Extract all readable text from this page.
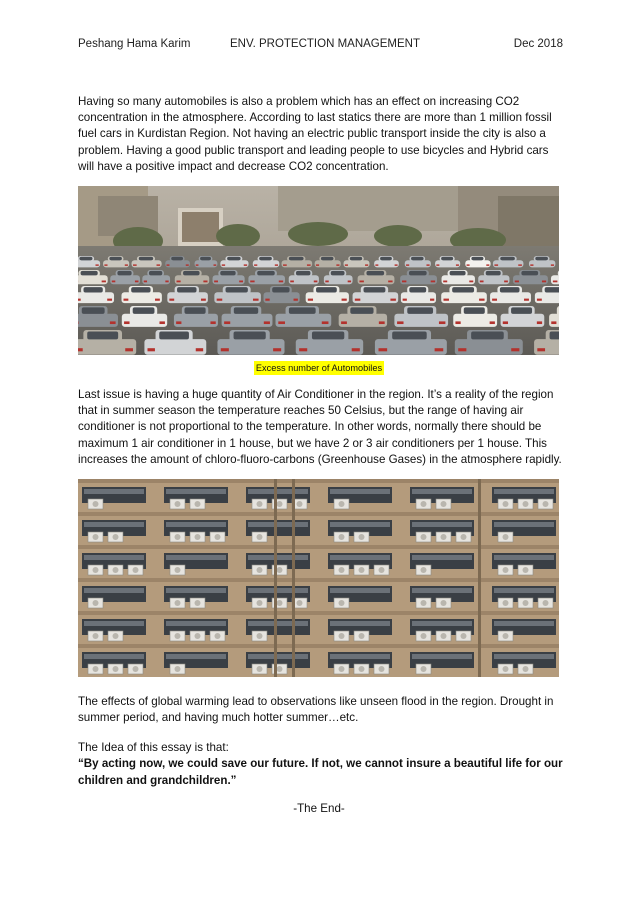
Peshang Hama Karim	ENV. PROTECTION MANAGEMENT	Dec 2018

Having so many automobiles is also a problem which has an effect on increasing CO2 concentration in the atmosphere. According to last statics there are more than 1 million fossil fuel cars in Kurdistan Region. Not having an electric public transport inside the city is also a problem. Having a good public transport and leading people to use bicycles and Hybrid cars will have a positive impact and decrease CO2 concentration.

Excess number of Automobiles

Last issue is having a huge quantity of Air Conditioner in the region. It’s a reality of the region that in summer season the temperature reaches 50 Celsius, but the range of having air conditioner is not proportional to the temperature. In other words, normally there should be maximum 1 air conditioner in 1 house, but we have 2 or 3 air conditioners per 1 house. This increases the amount of chloro-fluoro-carbons (Greenhouse Gases) in the atmosphere rapidly.

The effects of global warming lead to observations like unseen flood in the region. Drought in summer period, and having much hotter summer…etc.

The Idea of this essay is that:

“By acting now, we could save our future. If not, we cannot insure a beautiful life for our children and grandchildren.”

-The End-
